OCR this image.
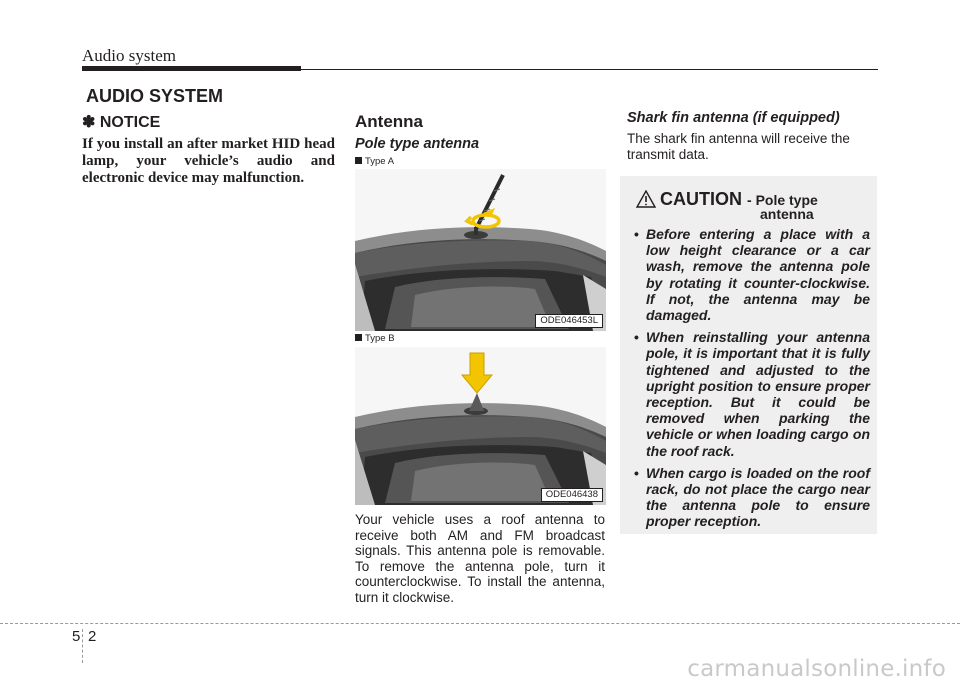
Audio system
AUDIO SYSTEM
✽ NOTICE
If you install an after market HID head lamp, your vehicle’s audio and electronic device may malfunction.
Antenna
Pole type antenna
Type A
ODE046453L
Type B
ODE046438
Your vehicle uses a roof antenna to receive both AM and FM broadcast signals. This antenna pole is removable. To remove the antenna pole, turn it counterclockwise. To install the antenna, turn it clockwise.
Shark fin antenna (if equipped)
The shark fin antenna will receive the transmit data.
CAUTION - Pole type
antenna
• Before entering a place with a low height clearance or a car wash, remove the antenna pole by rotating it counter-clockwise. If not, the antenna may be damaged.
• When reinstalling your antenna pole, it is important that it is fully tightened and adjusted to the upright position to ensure proper reception. But it could be removed when parking the vehicle or when loading cargo on the roof rack.
• When cargo is loaded on the roof rack, do not place the cargo near the antenna pole to ensure proper reception.
5 2
carmanualsonline.info
